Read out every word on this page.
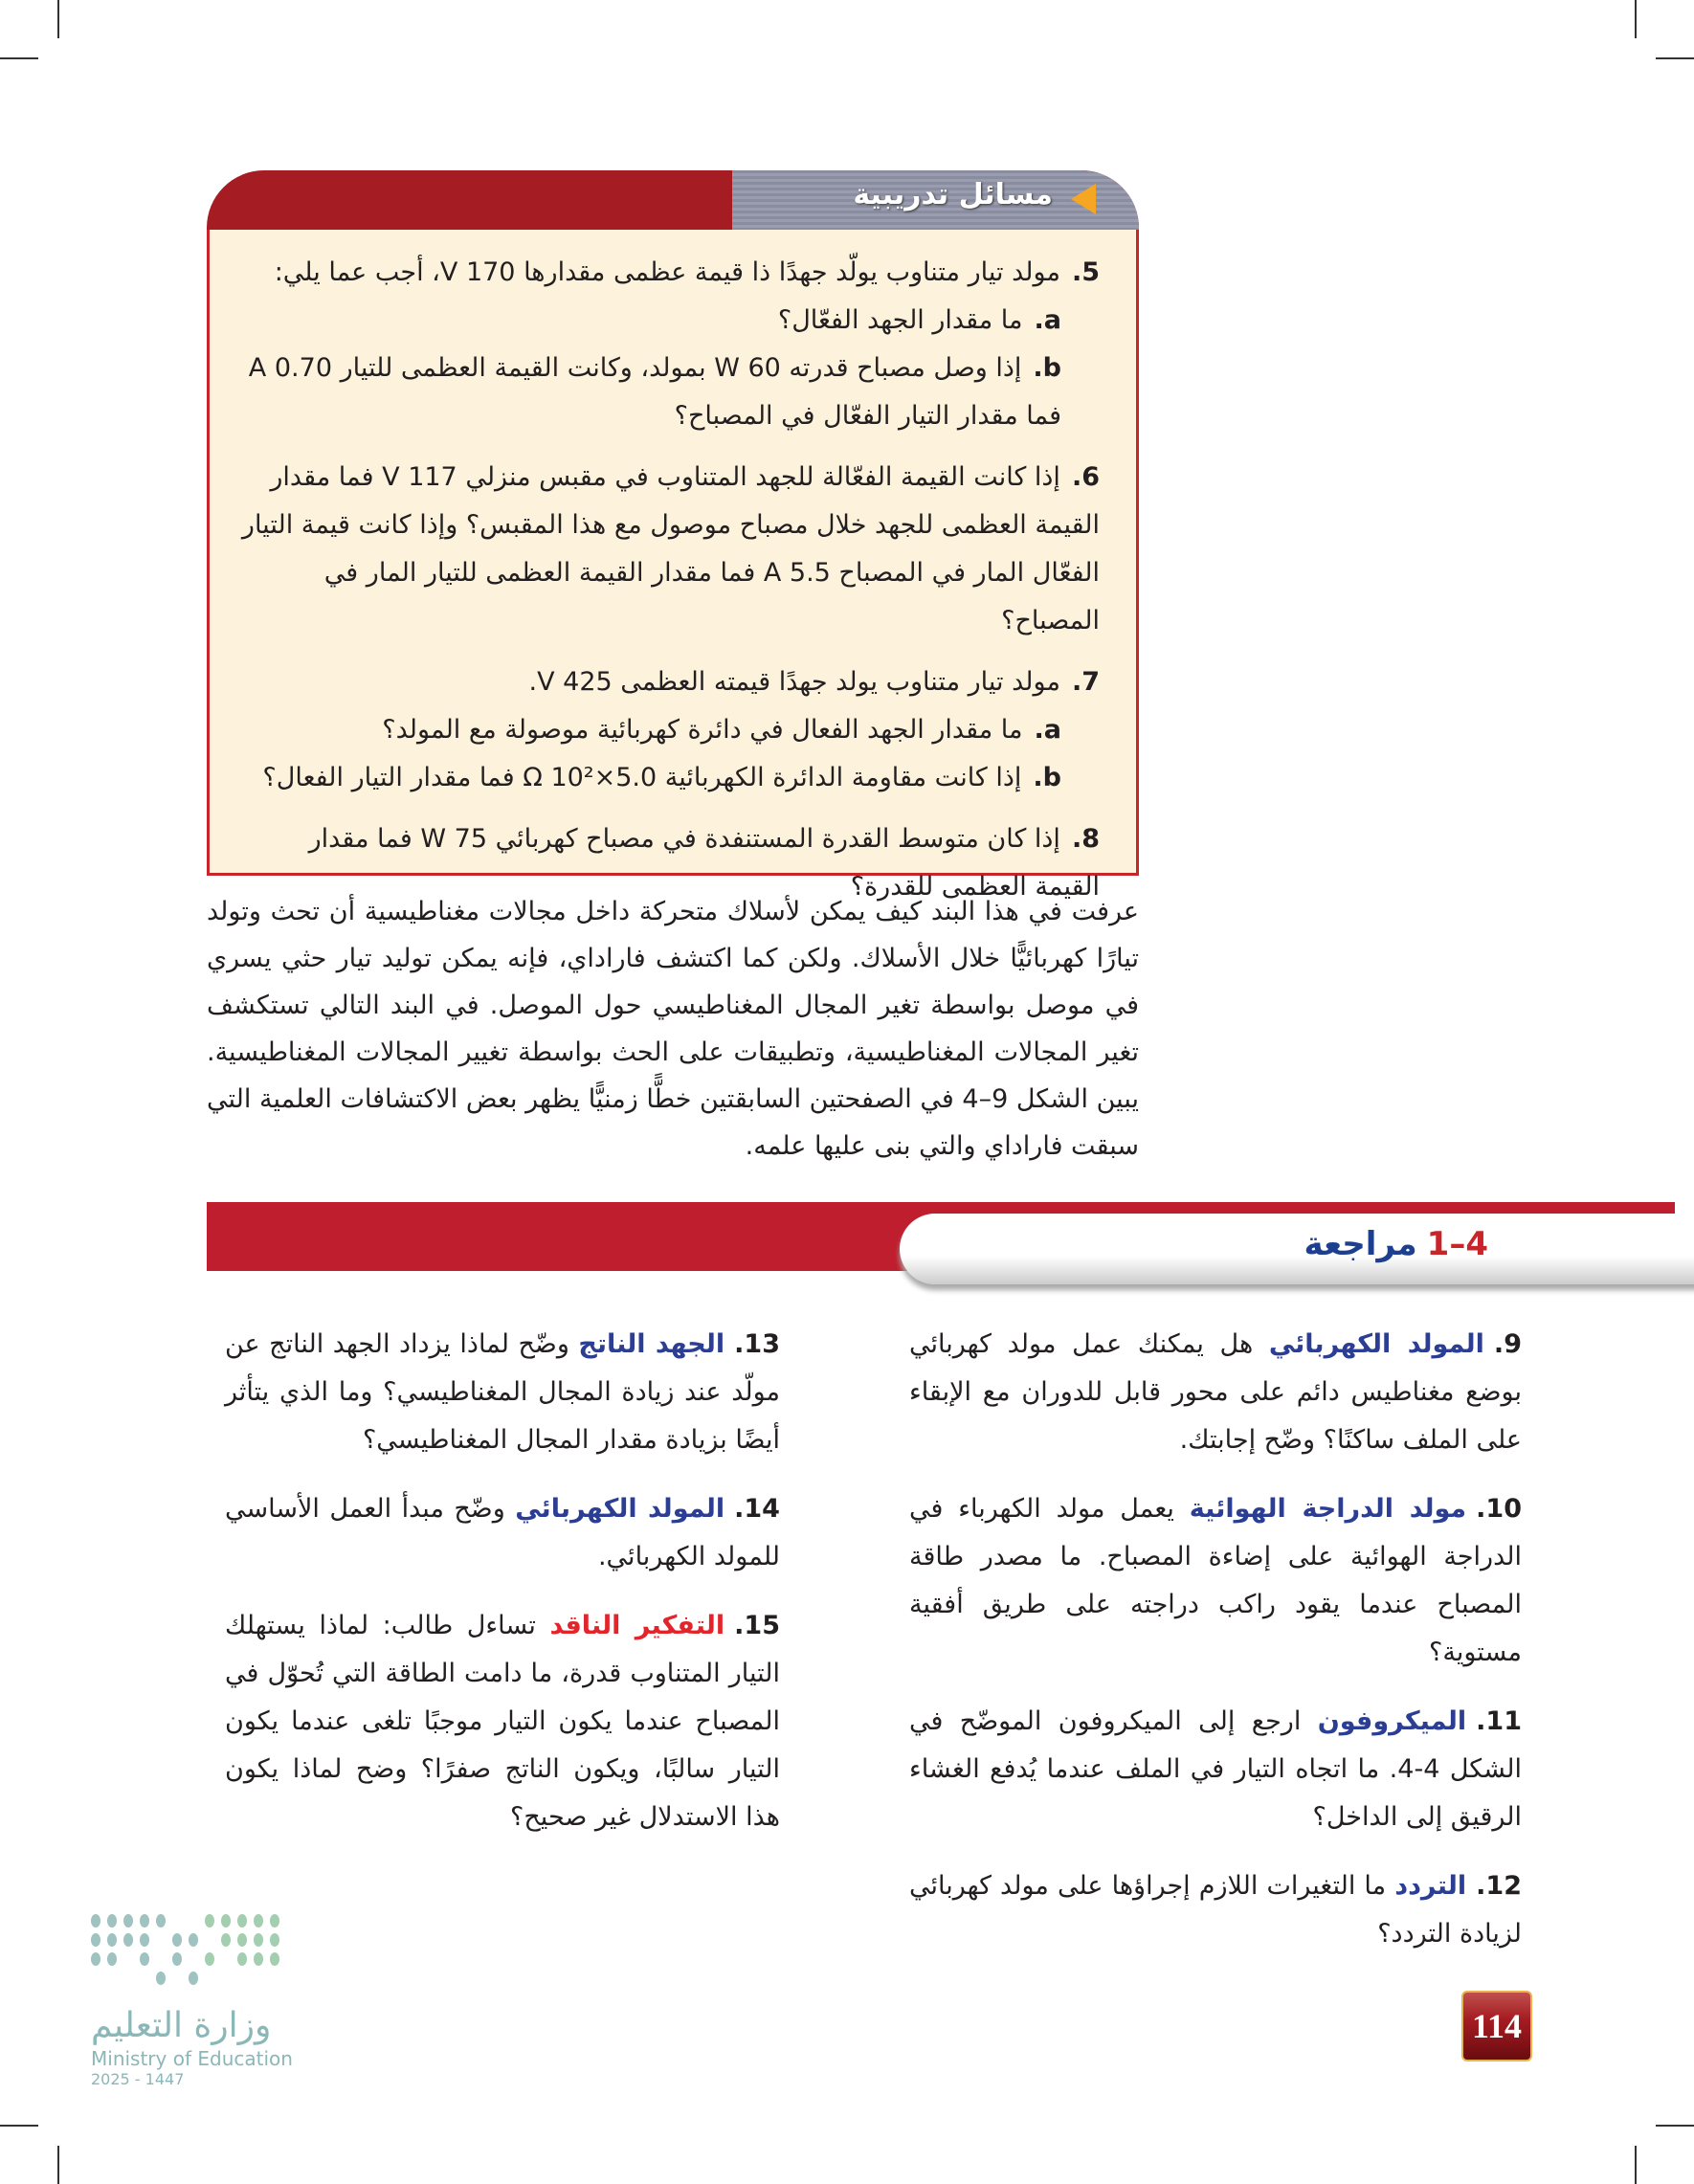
مسائل تدريبية
5.مولد تيار متناوب يولّد جهدًا ذا قيمة عظمى مقدارها 170 V، أجب عما يلي:
a.ما مقدار الجهد الفعّال؟
b.إذا وصل مصباح قدرته 60 W بمولد، وكانت القيمة العظمى للتيار 0.70 A فما مقدار التيار الفعّال في المصباح؟
6.إذا كانت القيمة الفعّالة للجهد المتناوب في مقبس منزلي 117 V فما مقدار القيمة العظمى للجهد خلال مصباح موصول مع هذا المقبس؟ وإذا كانت قيمة التيار الفعّال المار في المصباح 5.5 A فما مقدار القيمة العظمى للتيار المار في المصباح؟
7.مولد تيار متناوب يولد جهدًا قيمته العظمى 425 V.
a.ما مقدار الجهد الفعال في دائرة كهربائية موصولة مع المولد؟
b.إذا كانت مقاومة الدائرة الكهربائية 5.0×10² Ω فما مقدار التيار الفعال؟
8.إذا كان متوسط القدرة المستنفدة في مصباح كهربائي 75 W فما مقدار القيمة العظمى للقدرة؟

عرفت في هذا البند كيف يمكن لأسلاك متحركة داخل مجالات مغناطيسية أن تحث وتولد تيارًا كهربائيًّا خلال الأسلاك. ولكن كما اكتشف فاراداي، فإنه يمكن توليد تيار حثي يسري في موصل بواسطة تغير المجال المغناطيسي حول الموصل. في البند التالي تستكشف تغير المجالات المغناطيسية، وتطبيقات على الحث بواسطة تغيير المجالات المغناطيسية. يبين الشكل 9–4 في الصفحتين السابقتين خطًّا زمنيًّا يظهر بعض الاكتشافات العلمية التي سبقت فاراداي والتي بنى عليها علمه.

4–1مراجعة
9.المولد الكهربائي هل يمكنك عمل مولد كهربائي بوضع مغناطيس دائم على محور قابل للدوران مع الإبقاء على الملف ساكنًا؟ وضّح إجابتك.
10.مولد الدراجة الهوائية يعمل مولد الكهرباء في الدراجة الهوائية على إضاءة المصباح. ما مصدر طاقة المصباح عندما يقود راكب دراجته على طريق أفقية مستوية؟
11.الميكروفون ارجع إلى الميكروفون الموضّح في الشكل 4-4. ما اتجاه التيار في الملف عندما يُدفع الغشاء الرقيق إلى الداخل؟
12.التردد ما التغيرات اللازم إجراؤها على مولد كهربائي لزيادة التردد؟
13.الجهد الناتج وضّح لماذا يزداد الجهد الناتج عن مولّد عند زيادة المجال المغناطيسي؟ وما الذي يتأثر أيضًا بزيادة مقدار المجال المغناطيسي؟
14.المولد الكهربائي وضّح مبدأ العمل الأساسي للمولد الكهربائي.
15.التفكير الناقد تساءل طالب: لماذا يستهلك التيار المتناوب قدرة، ما دامت الطاقة التي تُحوّل في المصباح عندما يكون التيار موجبًا تلغى عندما يكون التيار سالبًا، ويكون الناتج صفرًا؟ وضح لماذا يكون هذا الاستدلال غير صحيح؟
وزارة التعليم
Ministry of Education
2025 - 1447
114
